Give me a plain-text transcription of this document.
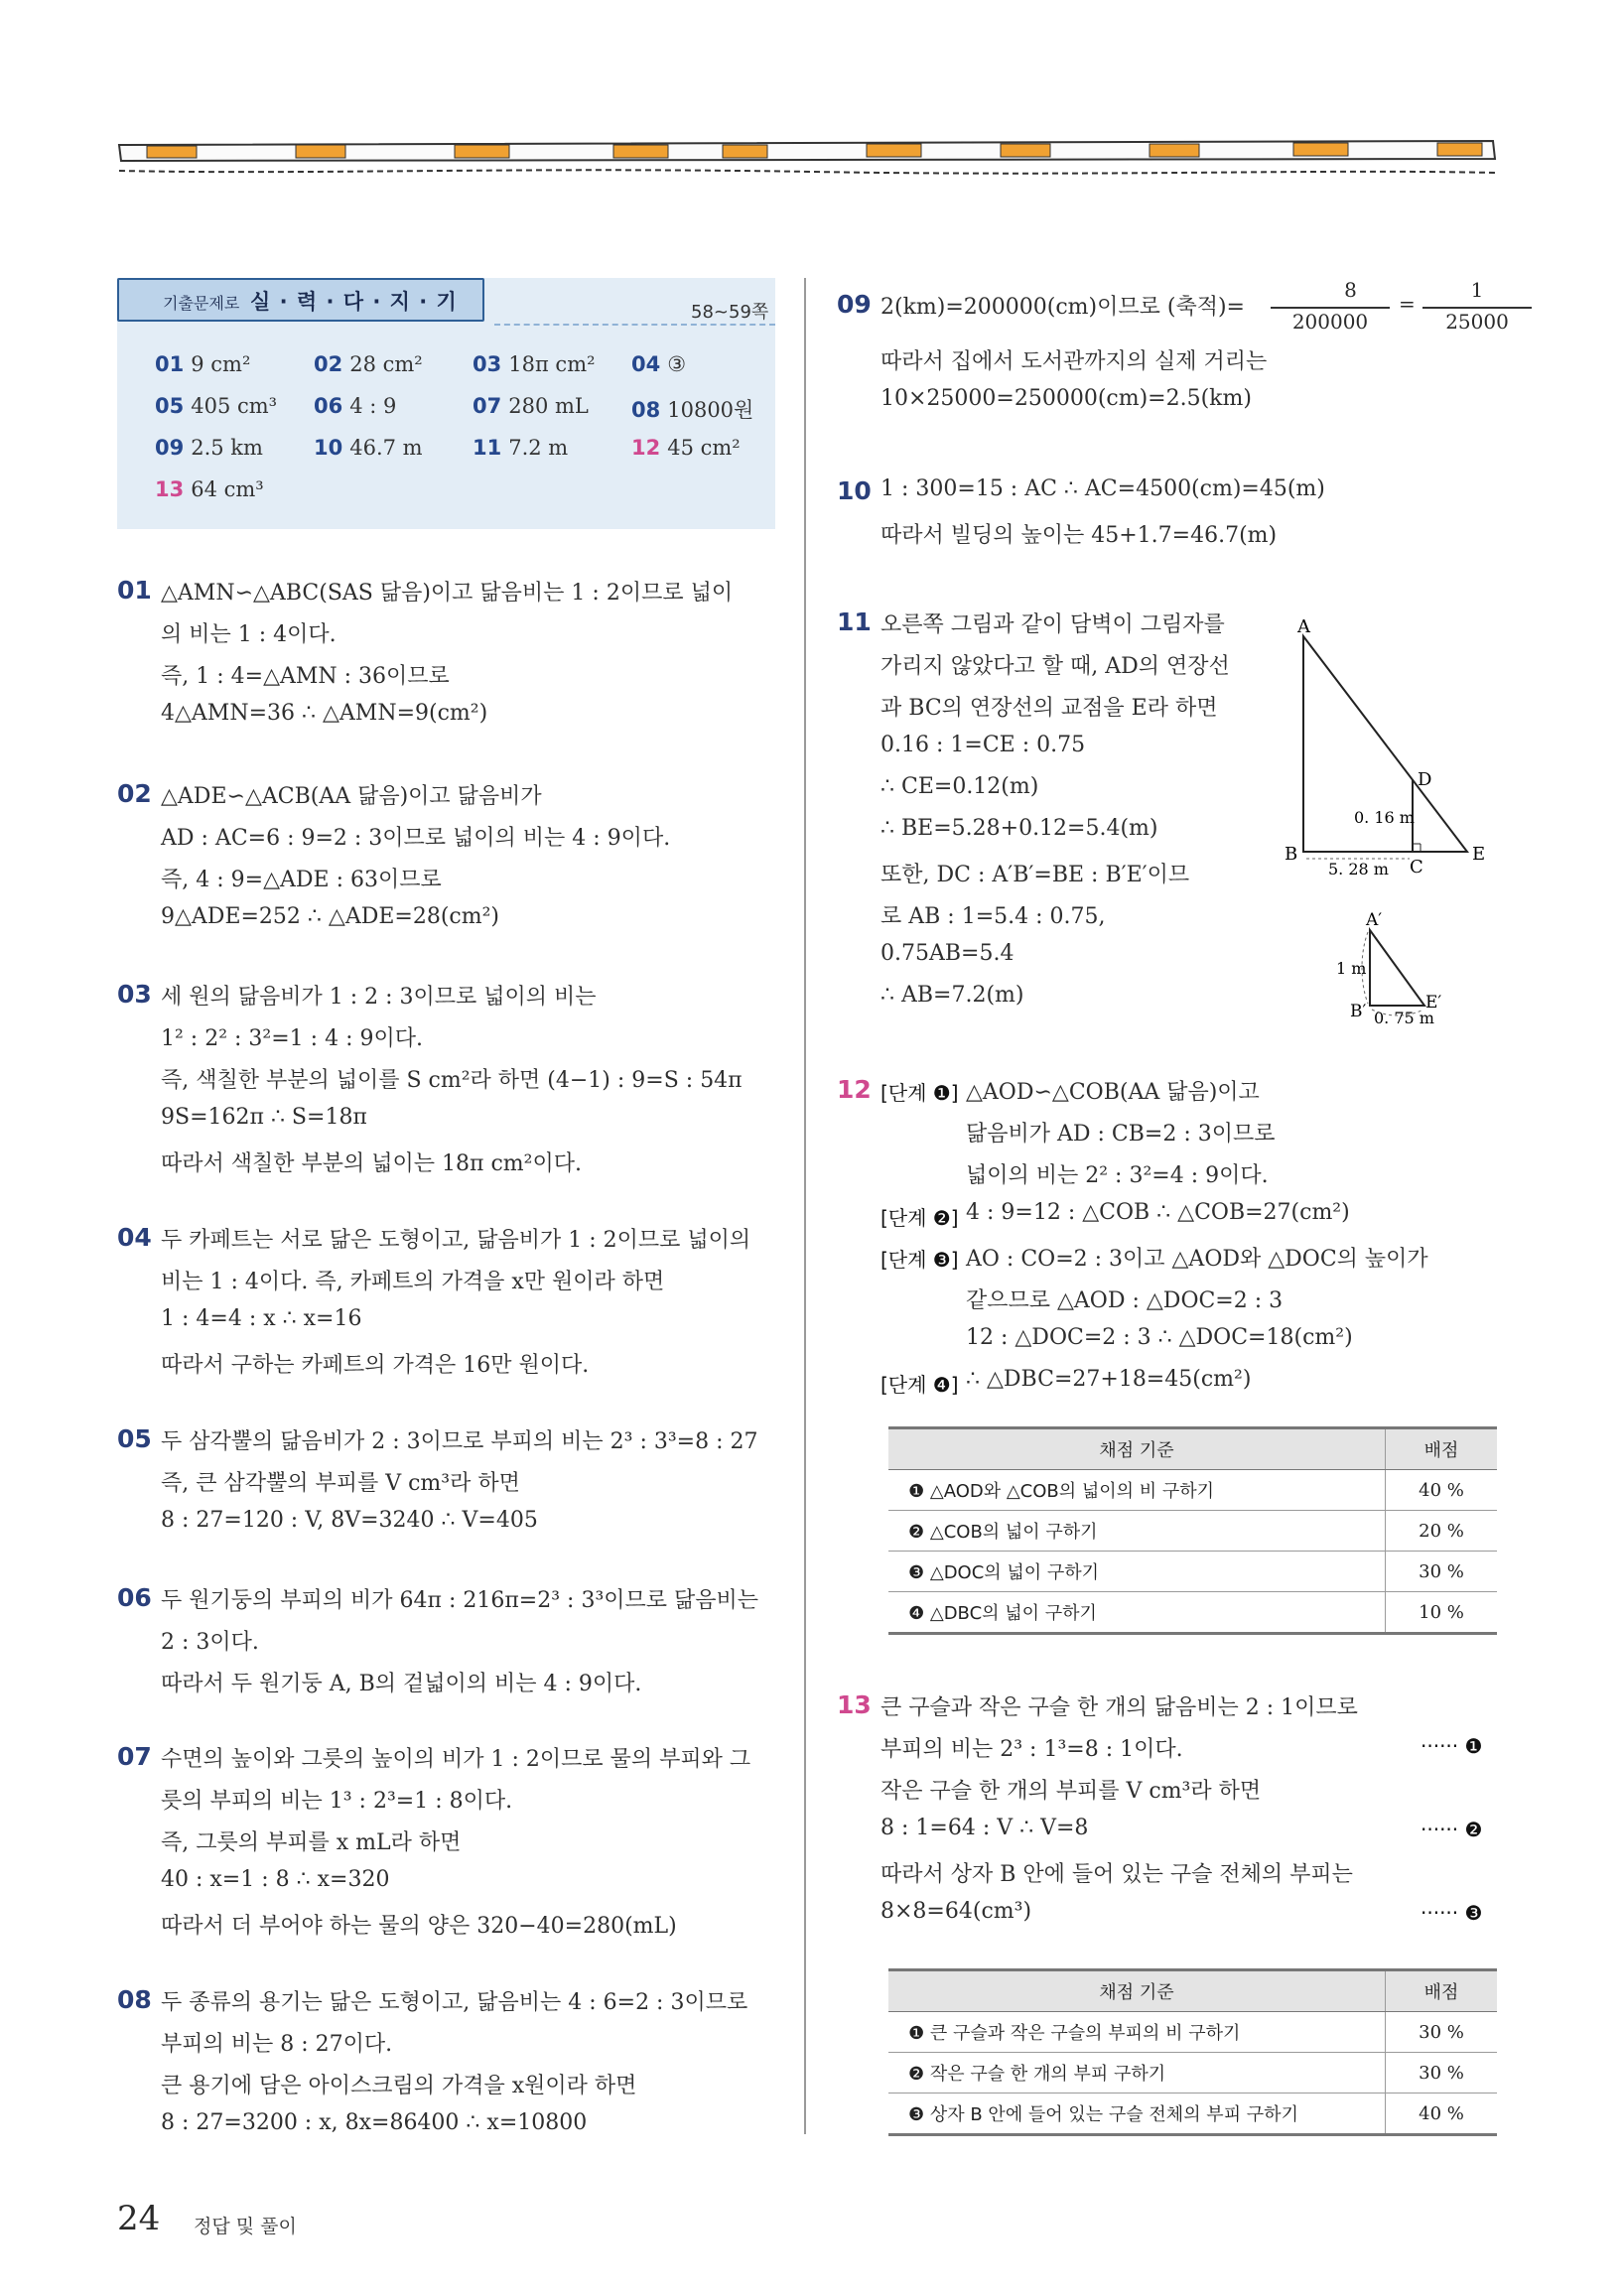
기출문제로 실 · 력 · 다 · 지 · 기	58~59쪽
01 9 cm²	02 28 cm² 03 18π cm² 04 ③
05 405 cm³ 06 4 : 9	07 280 mL 08 10800원
09 2.5 km 10 46.7 m 11 7.2 m	12 45 cm²
13 64 cm³
01 △AMN∽△ABC(SAS 닮음)이고 닮음비는 1 : 2이므로 넓이
의 비는 1 : 4이다.
즉, 1 : 4=△AMN : 36이므로
4△AMN=36 ∴ △AMN=9(cm²)
02 △ADE∽△ACB(AA 닮음)이고 닮음비가
AD : AC=6 : 9=2 : 3이므로 넓이의 비는 4 : 9이다.
즉, 4 : 9=△ADE : 63이므로
9△ADE=252 ∴ △ADE=28(cm²)
03 세 원의 닮음비가 1 : 2 : 3이므로 넓이의 비는
1² : 2² : 3²=1 : 4 : 9이다.
즉, 색칠한 부분의 넓이를 S cm²라 하면 (4−1) : 9=S : 54π
9S=162π ∴ S=18π
따라서 색칠한 부분의 넓이는 18π cm²이다.
04 두 카페트는 서로 닮은 도형이고, 닮음비가 1 : 2이므로 넓이의
비는 1 : 4이다. 즉, 카페트의 가격을 x만 원이라 하면
1 : 4=4 : x ∴ x=16
따라서 구하는 카페트의 가격은 16만 원이다.
05 두 삼각뿔의 닮음비가 2 : 3이므로 부피의 비는 2³ : 3³=8 : 27
즉, 큰 삼각뿔의 부피를 V cm³라 하면
8 : 27=120 : V, 8V=3240 ∴ V=405
06 두 원기둥의 부피의 비가 64π : 216π=2³ : 3³이므로 닮음비는
2 : 3이다.
따라서 두 원기둥 A, B의 겉넓이의 비는 4 : 9이다.
07 수면의 높이와 그릇의 높이의 비가 1 : 2이므로 물의 부피와 그
릇의 부피의 비는 1³ : 2³=1 : 8이다.
즉, 그릇의 부피를 x mL라 하면
40 : x=1 : 8 ∴ x=320
따라서 더 부어야 하는 물의 양은 320−40=280(mL)
08 두 종류의 용기는 닮은 도형이고, 닮음비는 4 : 6=2 : 3이므로
부피의 비는 8 : 27이다.
큰 용기에 담은 아이스크림의 가격을 x원이라 하면
8 : 27=3200 : x, 8x=86400 ∴ x=10800
09 2(km)=200000(cm)이므로 (축적)=
8
200000
=
1
25000
따라서 집에서 도서관까지의 실제 거리는
10×25000=250000(cm)=2.5(km)
10 1 : 300=15 : AC ∴ AC=4500(cm)=45(m)
따라서 빌딩의 높이는 45+1.7=46.7(m)
11 오른쪽 그림과 같이 담벽이 그림자를
가리지 않았다고 할 때, AD의 연장선
과 BC의 연장선의 교점을 E라 하면
0.16 : 1=CE : 0.75
∴ CE=0.12(m)
∴ BE=5.28+0.12=5.4(m)
또한, DC : A′B′=BE : B′E′이므
로 AB : 1=5.4 : 0.75,
0.75AB=5.4
∴ AB=7.2(m)
A
B
C
D
E
0. 16 m
5. 28 m
A′
B′	E′
1 m
0. 75 m
12 [단계 ❶] △AOD∽△COB(AA 닮음)이고
닮음비가 AD : CB=2 : 3이므로
넓이의 비는 2² : 3²=4 : 9이다.
[단계 ❷] 4 : 9=12 : △COB ∴ △COB=27(cm²)
[단계 ❸] AO : CO=2 : 3이고 △AOD와 △DOC의 높이가
같으므로 △AOD : △DOC=2 : 3
12 : △DOC=2 : 3 ∴ △DOC=18(cm²)
[단계 ❹] ∴ △DBC=27+18=45(cm²)
채점 기준	배점
❶ △AOD와 △COB의 넓이의 비 구하기	40 %
❷ △COB의 넓이 구하기	20 %
❸ △DOC의 넓이 구하기	30 %
❹ △DBC의 넓이 구하기	10 %
13 큰 구슬과 작은 구슬 한 개의 닮음비는 2 : 1이므로
부피의 비는 2³ : 1³=8 : 1이다.
작은 구슬 한 개의 부피를 V cm³라 하면
8 : 1=64 : V ∴ V=8
따라서 상자 B 안에 들어 있는 구슬 전체의 부피는
8×8=64(cm³)
······ ❶
······ ❷
······ ❸
채점 기준	배점
❶ 큰 구슬과 작은 구슬의 부피의 비 구하기	30 %
❷ 작은 구슬 한 개의 부피 구하기	30 %
❸ 상자 B 안에 들어 있는 구슬 전체의 부피 구하기	40 %
24 정답 및 풀이
